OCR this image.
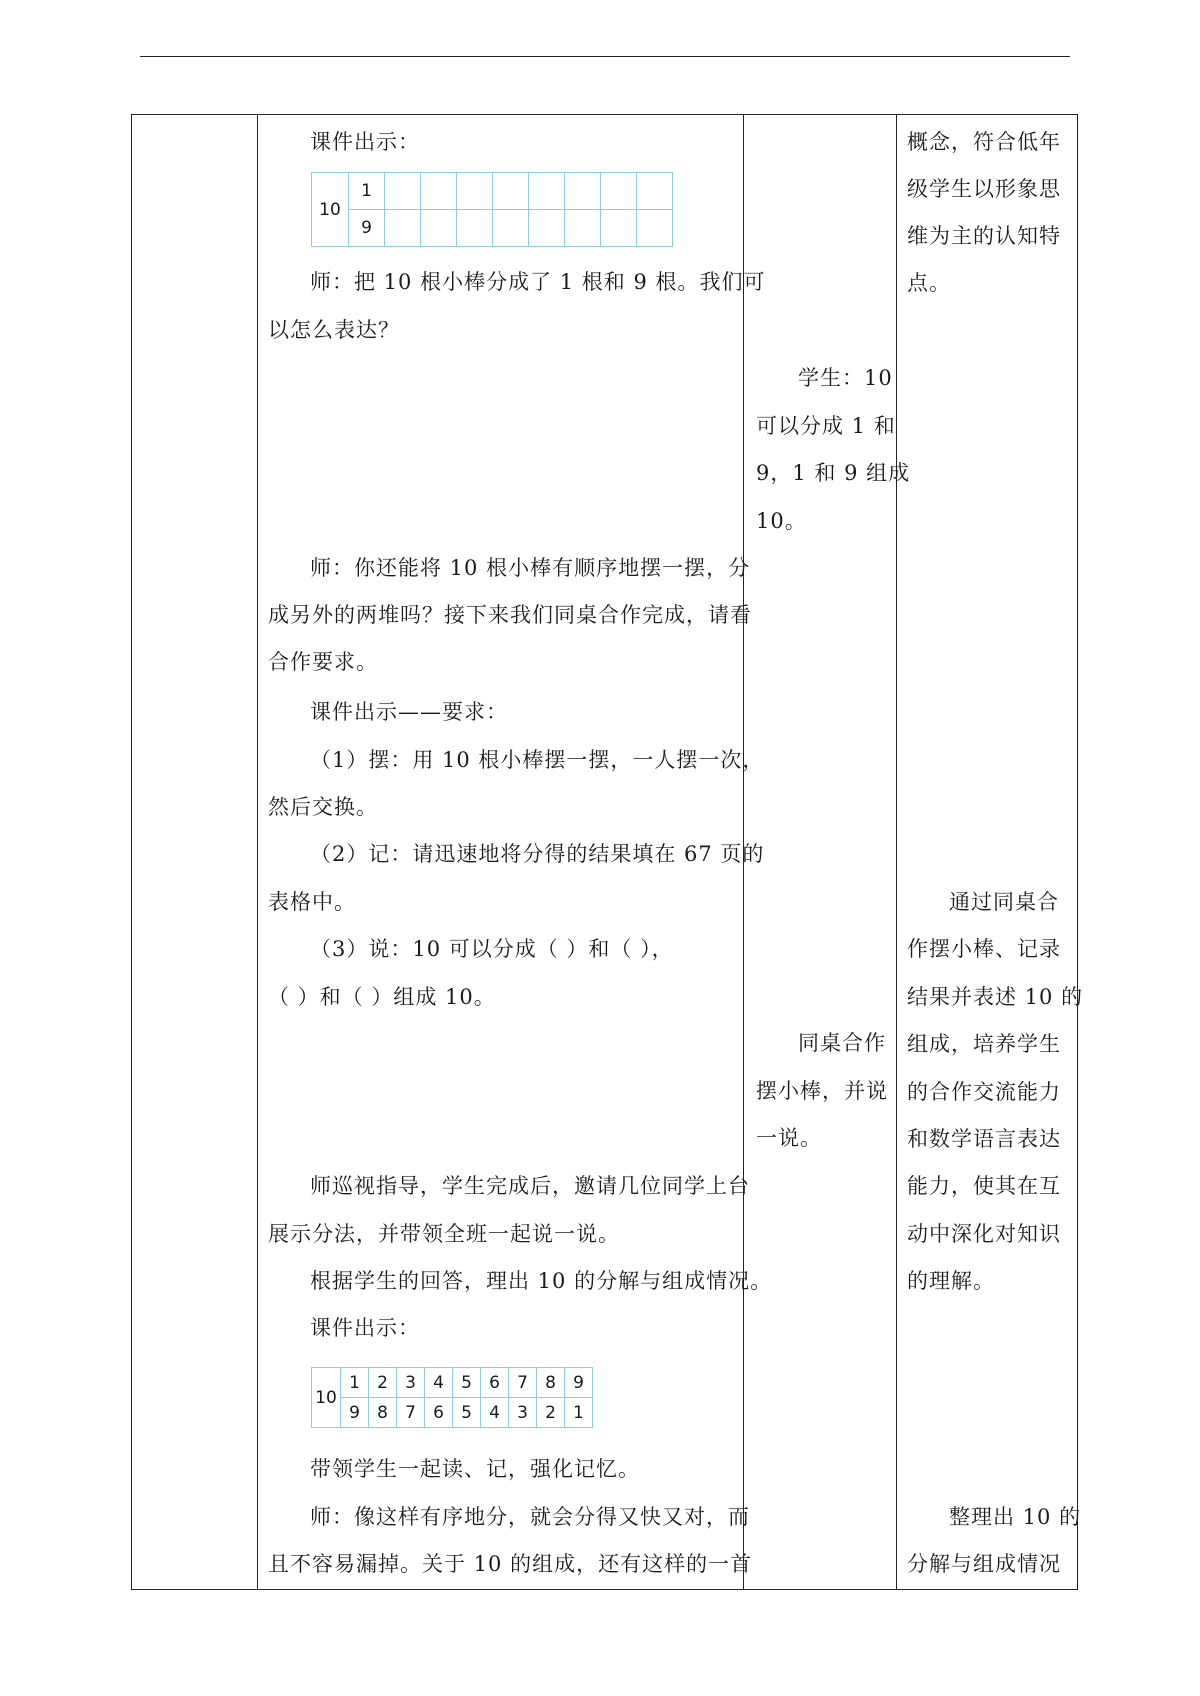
课件出示：
10	1								
	9								
师：把 10 根小棒分成了 1 根和 9 根。我们可
以怎么表达？
师：你还能将 10 根小棒有顺序地摆一摆，分
成另外的两堆吗？接下来我们同桌合作完成，请看
合作要求。
课件出示——要求：
（1）摆：用 10 根小棒摆一摆，一人摆一次，
然后交换。
（2）记：请迅速地将分得的结果填在 67 页的
表格中。
（3）说：10 可以分成（ ）和（ ），
（ ）和（ ）组成 10。
师巡视指导，学生完成后，邀请几位同学上台
展示分法，并带领全班一起说一说。
根据学生的回答，理出 10 的分解与组成情况。
课件出示：
10	1	2	3	4	5	6	7	8	9
	9	8	7	6	5	4	3	2	1
带领学生一起读、记，强化记忆。
师：像这样有序地分，就会分得又快又对，而
且不容易漏掉。关于 10 的组成，还有这样的一首
学生：10
可以分成 1 和
9，1 和 9 组成
10。
同桌合作
摆小棒，并说
一说。
概念，符合低年
级学生以形象思
维为主的认知特
点。
通过同桌合
作摆小棒、记录
结果并表述 10 的
组成，培养学生
的合作交流能力
和数学语言表达
能力，使其在互
动中深化对知识
的理解。
整理出 10 的
分解与组成情况
